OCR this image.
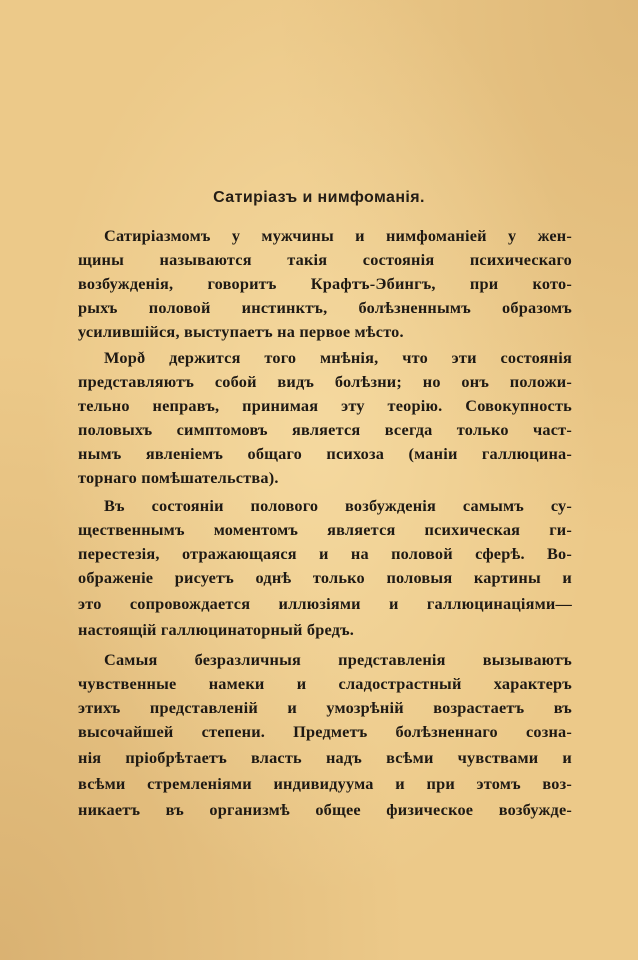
Сатиріазъ и нимфоманія.
Сатиріазмомъ у мужчины и нимфоманіей у жен-
щины называются такія состоянія психическаго
возбужденія, говоритъ Крафтъ-Эбингъ, при кото-
рыхъ половой инстинктъ, болѣзненнымъ образомъ
усилившійся, выступаетъ на первое мѣсто.
Морð держится того мнѣнія, что эти состоянія
представляютъ собой видъ болѣзни; но онъ положи-
тельно неправъ, принимая эту теорію. Совокупность
половыхъ симптомовъ является всегда только част-
нымъ явленіемъ общаго психоза (маніи галлюцина-
торнаго помѣшательства).
Въ состояніи полового возбужденія самымъ су-
щественнымъ моментомъ является психическая ги-
перестезія, отражающаяся и на половой сферѣ. Во-
ображеніе рисуетъ однѣ только половыя картины и
это сопровождается иллюзіями и галлюцинаціями—
настоящій галлюцинаторный бредъ.
Самыя безразличныя представленія вызываютъ
чувственные намеки и сладострастный характеръ
этихъ представленій и умозрѣній возрастаетъ въ
высочайшей степени. Предметъ болѣзненнаго созна-
нія пріобрѣтаетъ власть надъ всѣми чувствами и
всѣми стремленіями индивидуума и при этомъ воз-
никаетъ въ организмѣ общее физическое возбужде-
